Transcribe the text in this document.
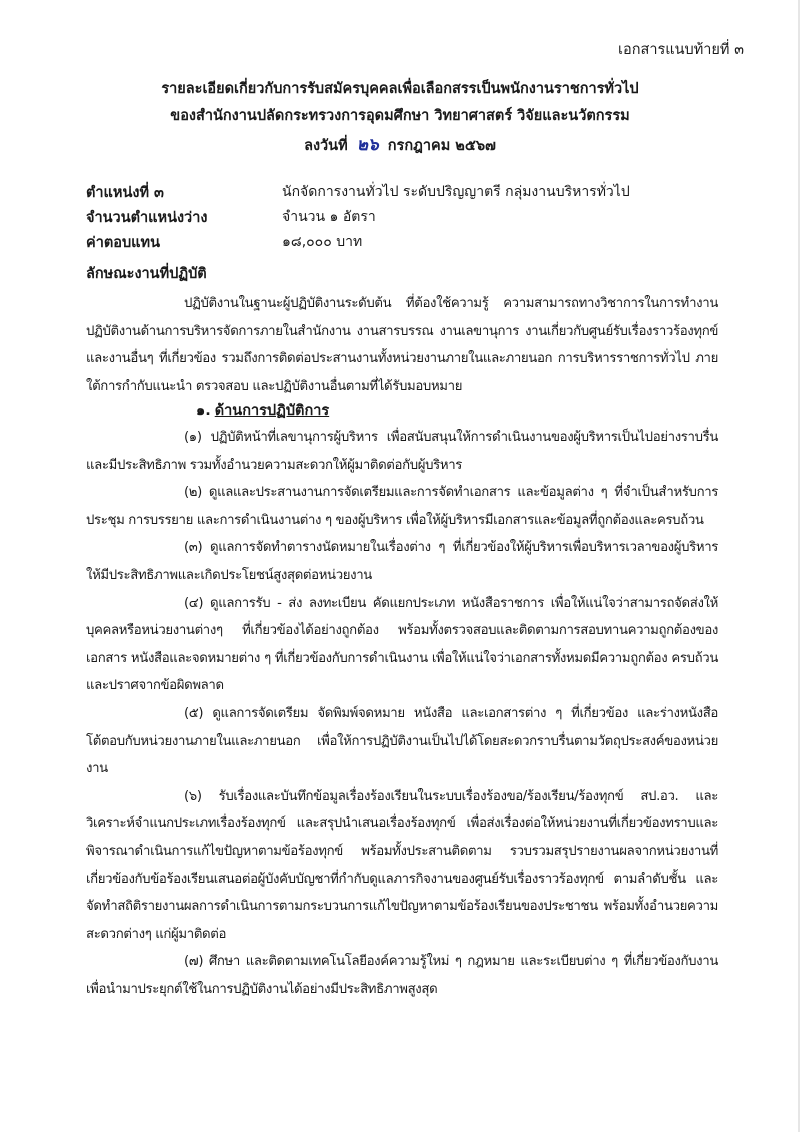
เอกสารแนบท้ายที่ ๓
รายละเอียดเกี่ยวกับการรับสมัครบุคคลเพื่อเลือกสรรเป็นพนักงานราชการทั่วไป
ของสำนักงานปลัดกระทรวงการอุดมศึกษา วิทยาศาสตร์ วิจัยและนวัตกรรม
ลงวันที่ ๒๖ กรกฎาคม ๒๕๖๗
ตำแหน่งที่ ๓	นักจัดการงานทั่วไป ระดับปริญญาตรี กลุ่มงานบริหารทั่วไป
จำนวนตำแหน่งว่าง	จำนวน ๑ อัตรา
ค่าตอบแทน	๑๘,๐๐๐ บาท
ลักษณะงานที่ปฏิบัติ
ปฏิบัติงานในฐานะผู้ปฏิบัติงานระดับต้น ที่ต้องใช้ความรู้ ความสามารถทางวิชาการในการทำงาน ปฏิบัติงานด้านการบริหารจัดการภายในสำนักงาน งานสารบรรณ งานเลขานุการ งานเกี่ยวกับศูนย์รับเรื่องราวร้องทุกข์ และงานอื่นๆ ที่เกี่ยวข้อง รวมถึงการติดต่อประสานงานทั้งหน่วยงานภายในและภายนอก การบริหารราชการทั่วไป ภายใต้การกำกับแนะนำ ตรวจสอบ และปฏิบัติงานอื่นตามที่ได้รับมอบหมาย
๑. ด้านการปฏิบัติการ

(๑) ปฏิบัติหน้าที่เลขานุการผู้บริหาร เพื่อสนับสนุนให้การดำเนินงานของผู้บริหารเป็นไปอย่างราบรื่นและมีประสิทธิภาพ รวมทั้งอำนวยความสะดวกให้ผู้มาติดต่อกับผู้บริหาร

(๒) ดูแลและประสานงานการจัดเตรียมและการจัดทำเอกสาร และข้อมูลต่าง ๆ ที่จำเป็นสำหรับการประชุม การบรรยาย และการดำเนินงานต่าง ๆ ของผู้บริหาร เพื่อให้ผู้บริหารมีเอกสารและข้อมูลที่ถูกต้องและครบถ้วน

(๓) ดูแลการจัดทำตารางนัดหมายในเรื่องต่าง ๆ ที่เกี่ยวข้องให้ผู้บริหารเพื่อบริหารเวลาของผู้บริหารให้มีประสิทธิภาพและเกิดประโยชน์สูงสุดต่อหน่วยงาน

(๔) ดูแลการรับ - ส่ง ลงทะเบียน คัดแยกประเภท หนังสือราชการ เพื่อให้แน่ใจว่าสามารถจัดส่งให้บุคคลหรือหน่วยงานต่างๆ ที่เกี่ยวข้องได้อย่างถูกต้อง พร้อมทั้งตรวจสอบและติดตามการสอบทานความถูกต้องของเอกสาร หนังสือและจดหมายต่าง ๆ ที่เกี่ยวข้องกับการดำเนินงาน เพื่อให้แน่ใจว่าเอกสารทั้งหมดมีความถูกต้อง ครบถ้วน และปราศจากข้อผิดพลาด

(๕) ดูแลการจัดเตรียม จัดพิมพ์จดหมาย หนังสือ และเอกสารต่าง ๆ ที่เกี่ยวข้อง และร่างหนังสือโต้ตอบกับหน่วยงานภายในและภายนอก เพื่อให้การปฏิบัติงานเป็นไปได้โดยสะดวกราบรื่นตามวัตถุประสงค์ของหน่วยงาน

(๖) รับเรื่องและบันทึกข้อมูลเรื่องร้องเรียนในระบบเรื่องร้องขอ/ร้องเรียน/ร้องทุกข์ สป.อว. และวิเคราะห์จำแนกประเภทเรื่องร้องทุกข์ และสรุปนำเสนอเรื่องร้องทุกข์ เพื่อส่งเรื่องต่อให้หน่วยงานที่เกี่ยวข้องทราบและพิจารณาดำเนินการแก้ไขปัญหาตามข้อร้องทุกข์ พร้อมทั้งประสานติดตาม รวบรวมสรุปรายงานผลจากหน่วยงานที่เกี่ยวข้องกับข้อร้องเรียนเสนอต่อผู้บังคับบัญชาที่กำกับดูแลภารกิจงานของศูนย์รับเรื่องราวร้องทุกข์ ตามลำดับชั้น และจัดทำสถิติรายงานผลการดำเนินการตามกระบวนการแก้ไขปัญหาตามข้อร้องเรียนของประชาชน พร้อมทั้งอำนวยความสะดวกต่างๆ แก่ผู้มาติดต่อ

(๗) ศึกษา และติดตามเทคโนโลยีองค์ความรู้ใหม่ ๆ กฎหมาย และระเบียบต่าง ๆ ที่เกี่ยวข้องกับงาน เพื่อนำมาประยุกต์ใช้ในการปฏิบัติงานได้อย่างมีประสิทธิภาพสูงสุด
